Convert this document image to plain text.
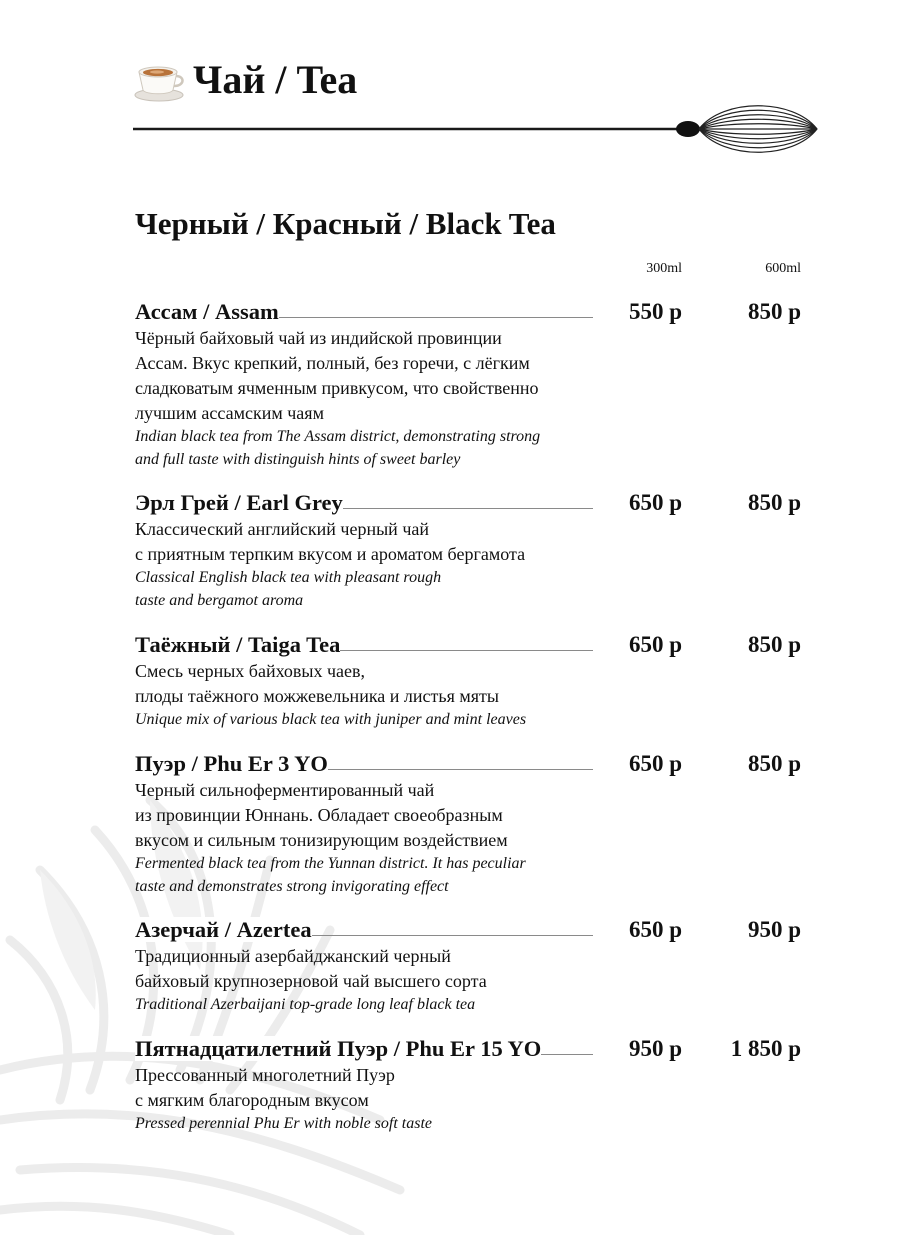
Чай / Tea
Черный / Красный / Black Tea
300ml	600ml
Ассам / Assam	550 р	850 р
Чёрный байховый чай из индийской провинции
Ассам. Вкус крепкий, полный, без горечи, с лёгким
сладковатым ячменным привкусом, что свойственно
лучшим ассамским чаям
Indian black tea from The Assam district, demonstrating strong
and full taste with distinguish hints of sweet barley
Эрл Грей / Earl Grey	650 р	850 р
Классический английский черный чай
с приятным терпким вкусом и ароматом бергамота
Classical English black tea with pleasant rough
taste and bergamot aroma
Таёжный / Taiga Tea	650 р	850 р
Смесь черных байховых чаев,
плоды таёжного можжевельника и листья мяты
Unique mix of various black tea with juniper and mint leaves
Пуэр / Phu Er 3 YO	650 р	850 р
Черный сильноферментированный чай
из провинции Юннань. Обладает своеобразным
вкусом и сильным тонизирующим воздействием
Fermented black tea from the Yunnan district. It has peculiar
taste and demonstrates strong invigorating effect
Азерчай / Azertea	650 р	950 р
Традиционный азербайджанский черный
байховый крупнозерновой чай высшего сорта
Traditional Azerbaijani top-grade long leaf black tea
Пятнадцатилетний Пуэр / Phu Er 15 YO	950 р	1 850 р
Прессованный многолетний Пуэр
с мягким благородным вкусом
Pressed perennial Phu Er with noble soft taste
